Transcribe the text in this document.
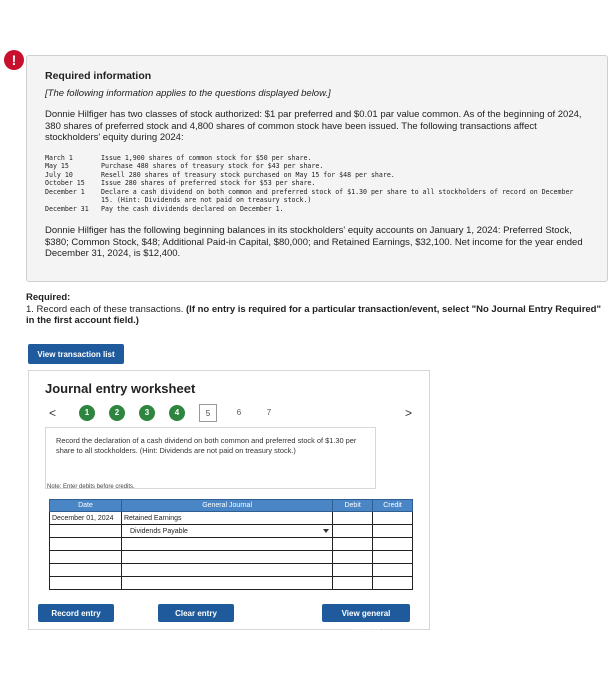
!

Required information

[The following information applies to the questions displayed below.]

Donnie Hilfiger has two classes of stock authorized: $1 par preferred and $0.01 par value common. As of the beginning of 2024, 380 shares of preferred stock and 4,800 shares of common stock have been issued. The following transactions affect stockholders' equity during 2024:

March 1	Issue 1,900 shares of common stock for $50 per share.
May 15	Purchase 480 shares of treasury stock for $43 per share.
July 10	Resell 280 shares of treasury stock purchased on May 15 for $48 per share.
October 15	Issue 280 shares of preferred stock for $53 per share.
December 1	Declare a cash dividend on both common and preferred stock of $1.30 per share to all stockholders of record on December 15. (Hint: Dividends are not paid on treasury stock.)
December 31	Pay the cash dividends declared on December 1.

Donnie Hilfiger has the following beginning balances in its stockholders' equity accounts on January 1, 2024: Preferred Stock, $380; Common Stock, $48; Additional Paid-in Capital, $80,000; and Retained Earnings, $32,100. Net income for the year ended December 31, 2024, is $12,400.

Required:

1. Record each of these transactions. (If no entry is required for a particular transaction/event, select "No Journal Entry Required" in the first account field.)

View transaction list
Journal entry worksheet
<	1	2	3	4	5	6	7	>
Record the declaration of a cash dividend on both common and preferred stock of $1.30 per share to all stockholders. (Hint: Dividends are not paid on treasury stock.)
Note: Enter debits before credits.
Date	General Journal	Debit	Credit
December 01, 2024	Retained Earnings		
	Dividends Payable

Record entry	Clear entry	View general journal
